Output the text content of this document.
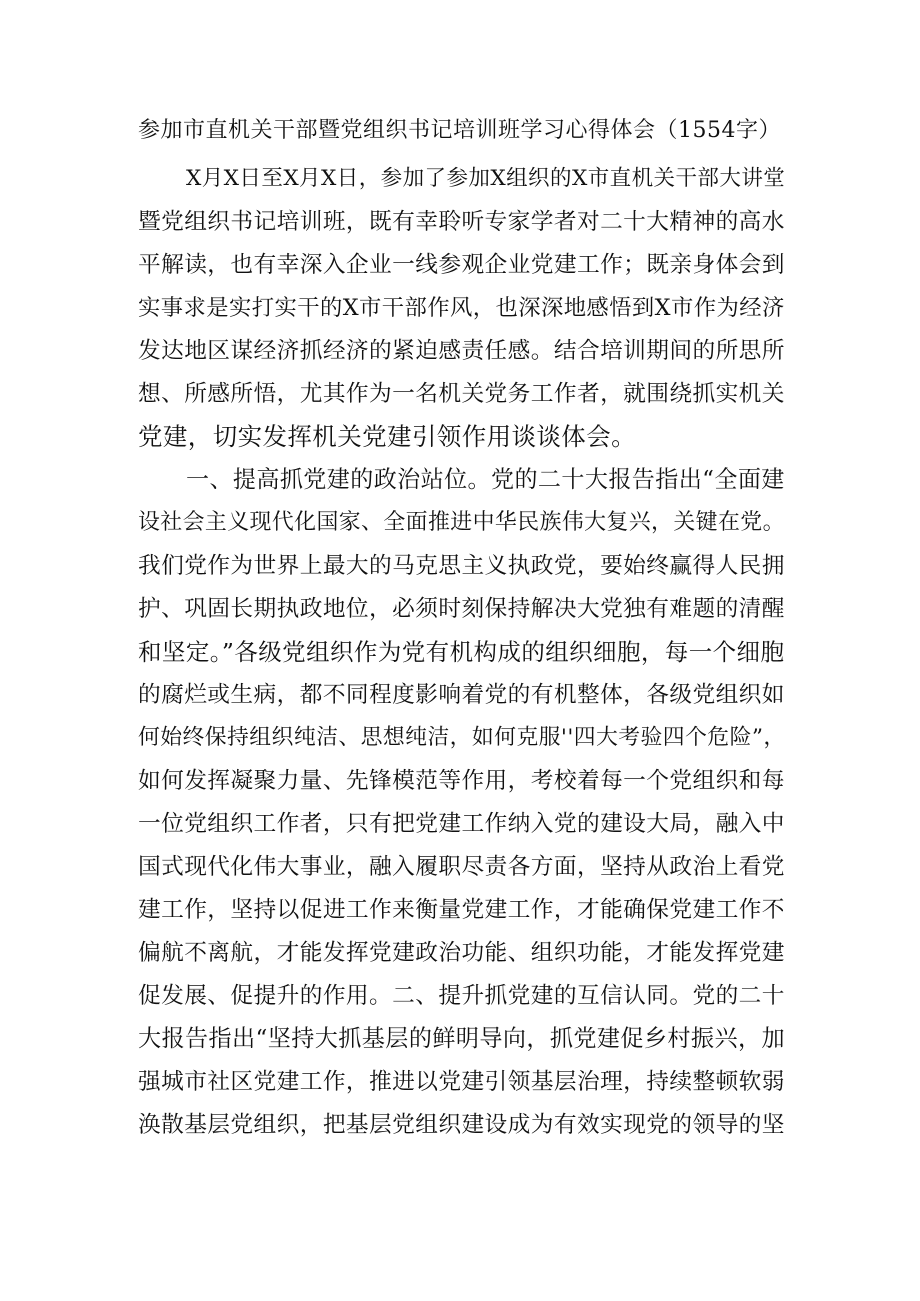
参加市直机关干部暨党组织书记培训班学习心得体会（1554字）
X月X日至X月X日，参加了参加X组织的X市直机关干部大讲堂
暨党组织书记培训班，既有幸聆听专家学者对二十大精神的高水
平解读，也有幸深入企业一线参观企业党建工作；既亲身体会到
实事求是实打实干的X市干部作风，也深深地感悟到X市作为经济
发达地区谋经济抓经济的紧迫感责任感。结合培训期间的所思所
想、所感所悟，尤其作为一名机关党务工作者，就围绕抓实机关
党建，切实发挥机关党建引领作用谈谈体会。
一、提高抓党建的政治站位。党的二十大报告指出“全面建
设社会主义现代化国家、全面推进中华民族伟大复兴，关键在党。
我们党作为世界上最大的马克思主义执政党，要始终赢得人民拥
护、巩固长期执政地位，必须时刻保持解决大党独有难题的清醒
和坚定。”各级党组织作为党有机构成的组织细胞，每一个细胞
的腐烂或生病，都不同程度影响着党的有机整体，各级党组织如
何始终保持组织纯洁、思想纯洁，如何克服''四大考验四个危险”，
如何发挥凝聚力量、先锋模范等作用，考校着每一个党组织和每
一位党组织工作者，只有把党建工作纳入党的建设大局，融入中
国式现代化伟大事业，融入履职尽责各方面，坚持从政治上看党
建工作，坚持以促进工作来衡量党建工作，才能确保党建工作不
偏航不离航，才能发挥党建政治功能、组织功能，才能发挥党建
促发展、促提升的作用。二、提升抓党建的互信认同。党的二十
大报告指出“坚持大抓基层的鲜明导向，抓党建促乡村振兴，加
强城市社区党建工作，推进以党建引领基层治理，持续整顿软弱
涣散基层党组织，把基层党组织建设成为有效实现党的领导的坚
